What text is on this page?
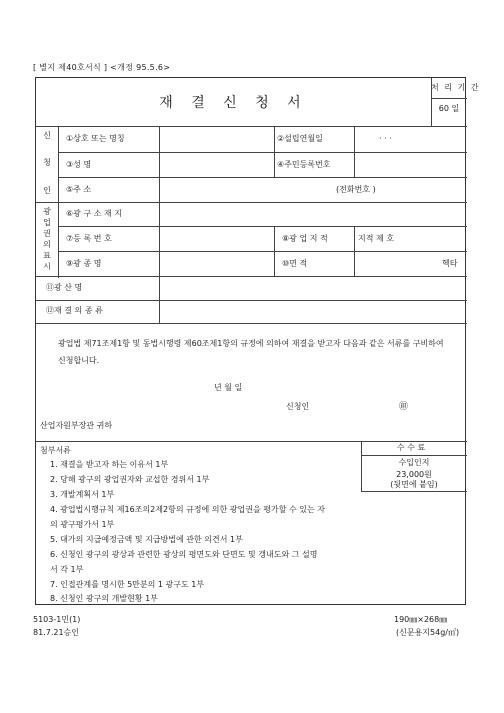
[ 별지 제40호서식 ] <개정 95.5.6>
재 결 신 청 서
처 리 기 간
60 일
신
청
인
①상호 또는 명칭	②설립연월일	· · ·
③성 명	④주민등록번호
⑤주 소	(전화번호 )
광
업
권
의
표
시
⑥광 구 소 재 지
⑦등 록 번 호	⑧광 업 지 적	지적 제 호
⑨광 종 명	⑩면 적	헥타
⑪광 산 명
⑫재 결 의 종 류
광업법 제71조제1항 및 동법시행령 제60조제1항의 규정에 의하여 재결을 받고자 다음과 같은 서류를 구비하여 신청합니다.
년 월 일
신청인	㊞
산업자원부장관 귀하
첨부서류	수 수 료
수입인지
23,000원
(뒷면에 붙임)
1. 재결을 받고자 하는 이유서 1부
2. 당해 광구의 광업권자와 교섭한 경위서 1부
3. 개발계획서 1부
4. 광업법시행규칙 제16조의2제2항의 규정에 의한 광업권을 평가할 수 있는 자
의 광구평가서 1부
5. 대가의 지급예정금액 및 지급방법에 관한 의견서 1부
6. 신청인 광구의 광상과 관련한 광상의 평면도와 단면도 및 갱내도와 그 설명
서 각 1부
7. 인접관계를 명시한 5만분의 1 광구도 1부
8. 신청인 광구의 개발현황 1부
5103-1민(1)
81.7.21승인
190㎜×268㎜
(신문용지54g/㎡)
